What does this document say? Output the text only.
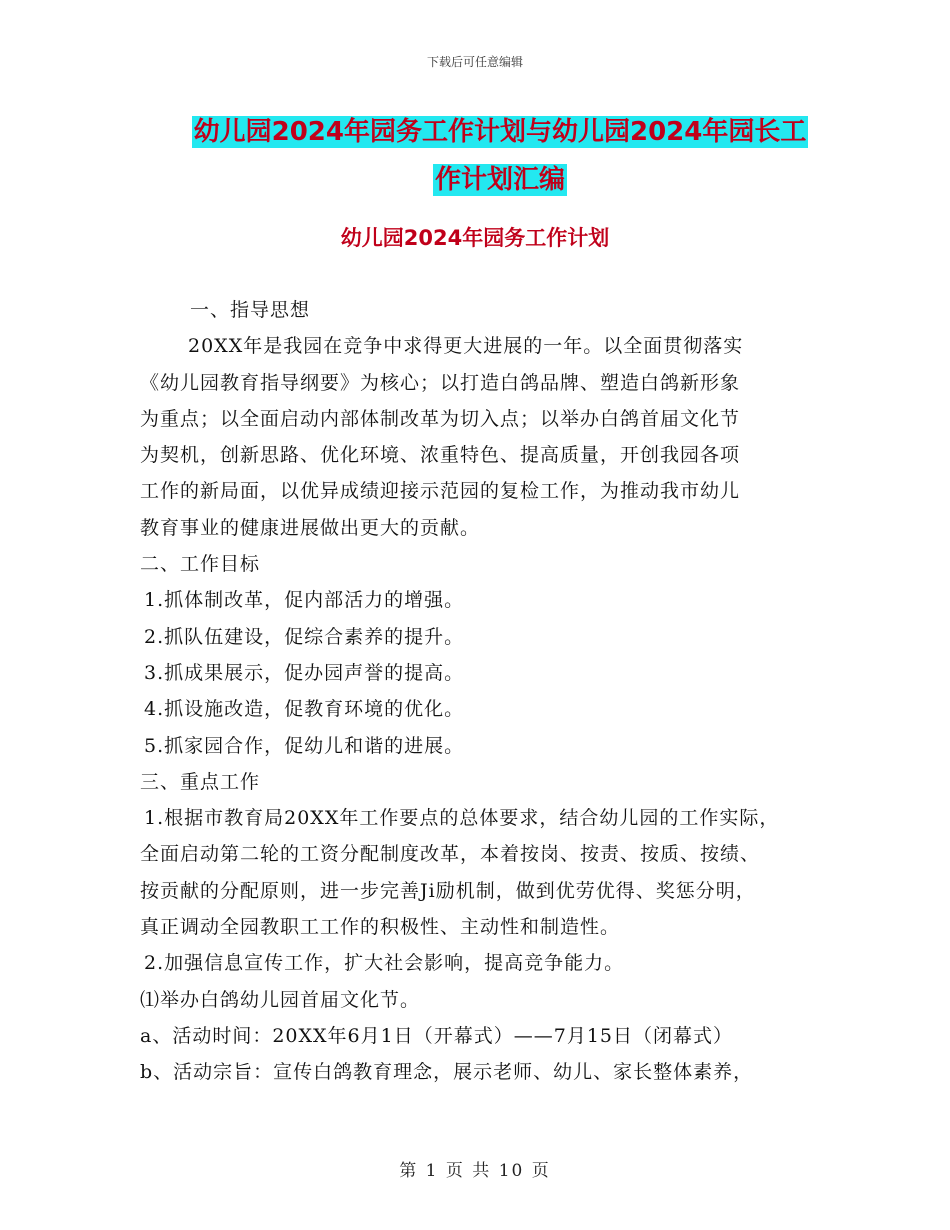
下载后可任意编辑
幼儿园2024年园务工作计划与幼儿园2024年园长工
作计划汇编
幼儿园2024年园务工作计划

一、指导思想

20XX年是我园在竞争中求得更大进展的一年。以全面贯彻落实

《幼儿园教育指导纲要》为核心；以打造白鸽品牌、塑造白鸽新形象

为重点；以全面启动内部体制改革为切入点；以举办白鸽首届文化节

为契机，创新思路、优化环境、浓重特色、提高质量，开创我园各项

工作的新局面，以优异成绩迎接示范园的复检工作，为推动我市幼儿

教育事业的健康进展做出更大的贡献。

二、工作目标

1.抓体制改革，促内部活力的增强。

2.抓队伍建设，促综合素养的提升。

3.抓成果展示，促办园声誉的提高。

4.抓设施改造，促教育环境的优化。

5.抓家园合作，促幼儿和谐的进展。

三、重点工作

1.根据市教育局20XX年工作要点的总体要求，结合幼儿园的工作实际，

全面启动第二轮的工资分配制度改革，本着按岗、按责、按质、按绩、

按贡献的分配原则，进一步完善Ji励机制，做到优劳优得、奖惩分明，

真正调动全园教职工工作的积极性、主动性和制造性。

2.加强信息宣传工作，扩大社会影响，提高竞争能力。

⑴举办白鸽幼儿园首届文化节。

a、活动时间：20XX年6月1日（开幕式）——7月15日（闭幕式）

b、活动宗旨：宣传白鸽教育理念，展示老师、幼儿、家长整体素养，

第 1 页 共 10 页
